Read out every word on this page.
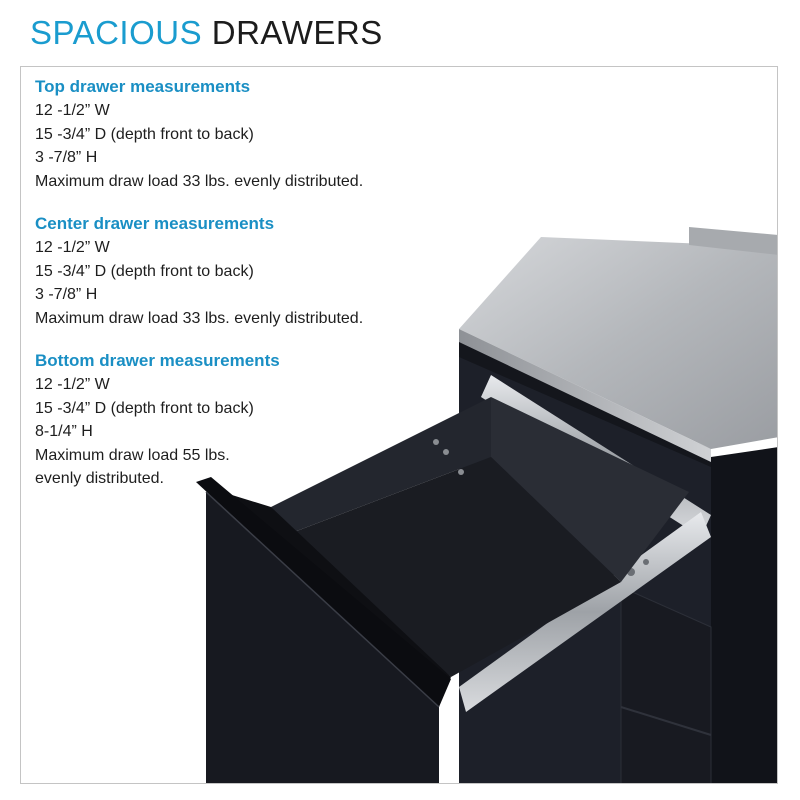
SPACIOUS DRAWERS
Top drawer measurements

12 -1/2” W

15 -3/4” D (depth front to back)

3 -7/8” H

Maximum draw load 33 lbs. evenly distributed.

Center drawer measurements

12 -1/2” W

15 -3/4” D (depth front to back)

3 -7/8” H

Maximum draw load 33 lbs. evenly distributed.

Bottom drawer measurements

12 -1/2” W

15 -3/4” D (depth front to back)

8-1/4” H

Maximum draw load 55 lbs.

evenly distributed.
